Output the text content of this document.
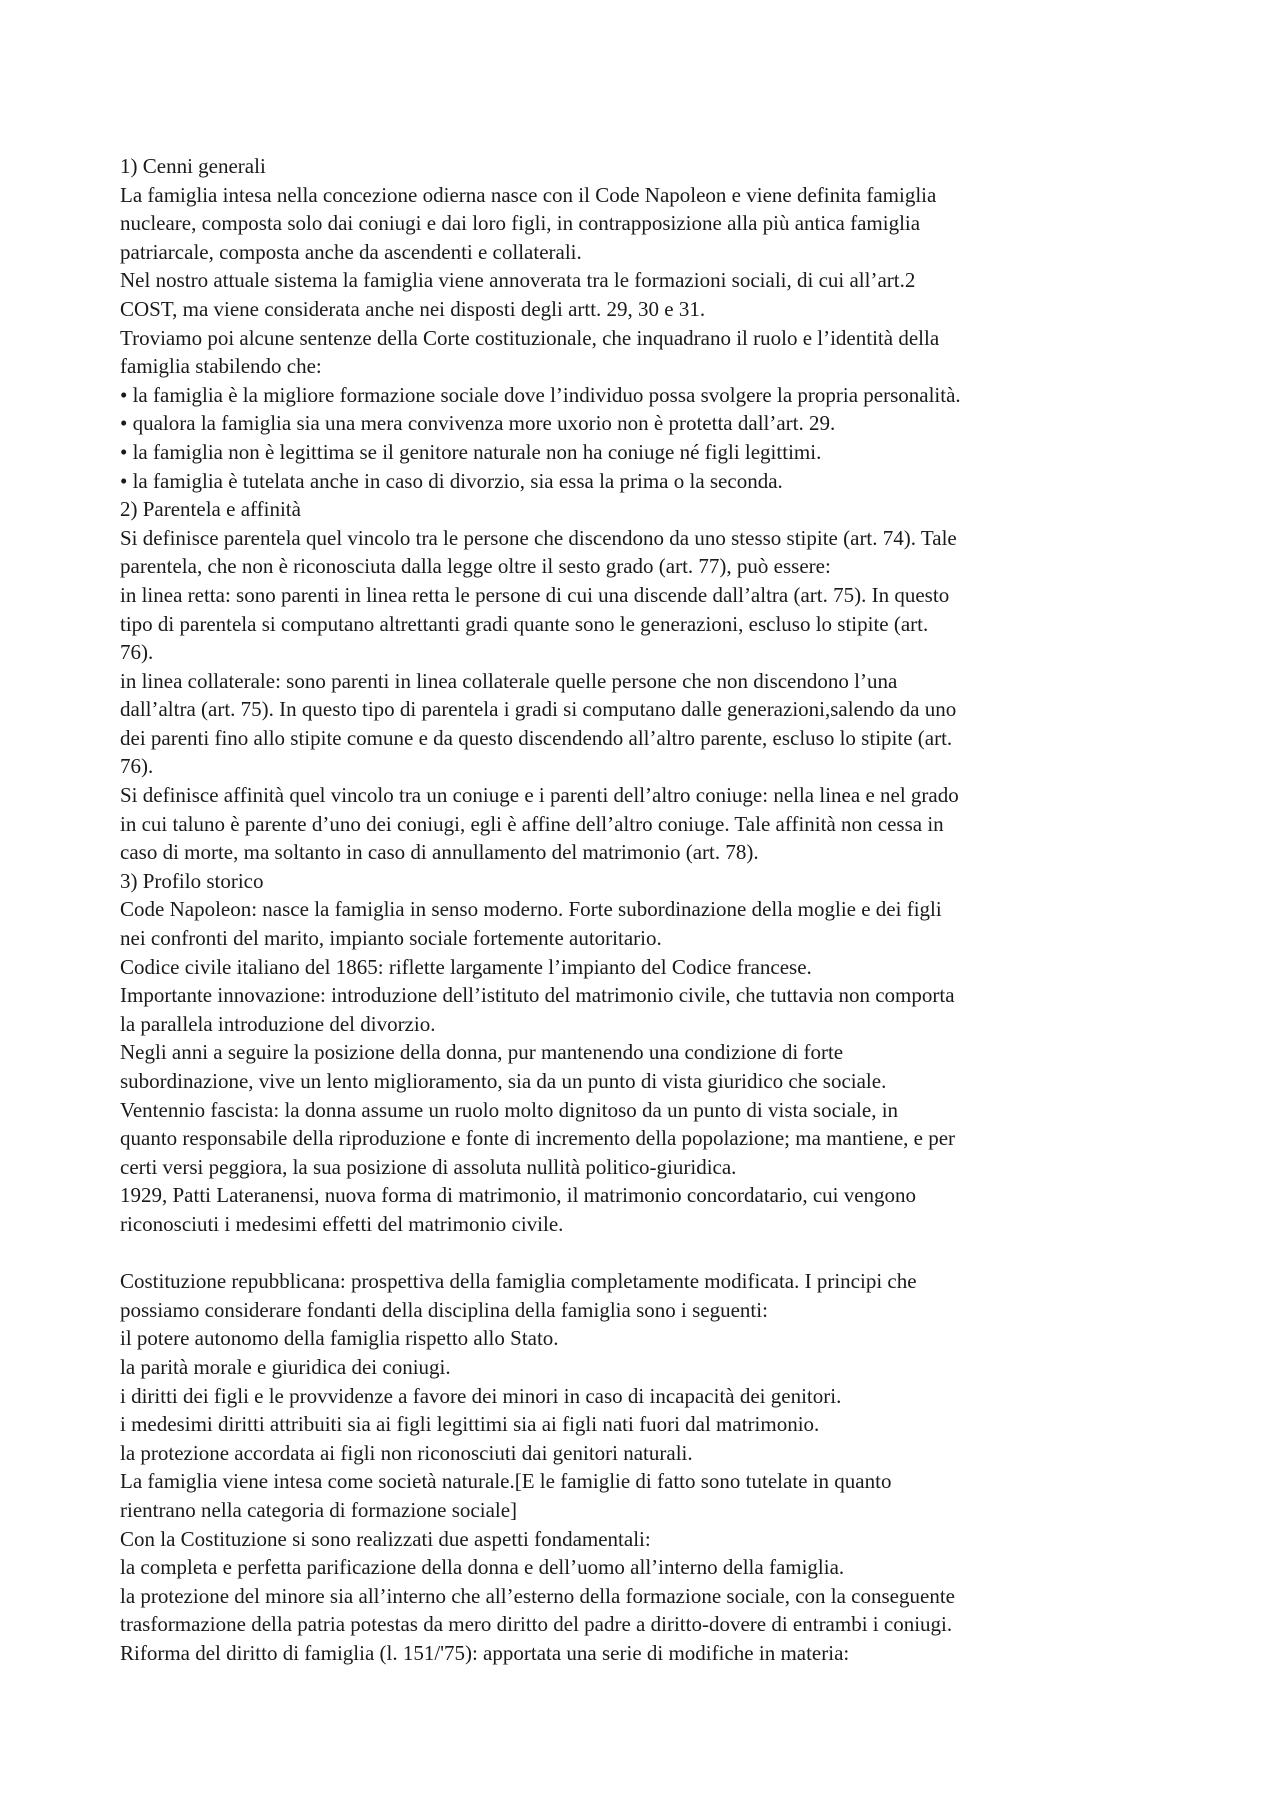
1) Cenni generali

La famiglia intesa nella concezione odierna nasce con il Code Napoleon e viene definita famiglia

nucleare, composta solo dai coniugi e dai loro figli, in contrapposizione alla più antica famiglia

patriarcale, composta anche da ascendenti e collaterali.

Nel nostro attuale sistema la famiglia viene annoverata tra le formazioni sociali, di cui all’art.2

COST, ma viene considerata anche nei disposti degli artt. 29, 30 e 31.

Troviamo poi alcune sentenze della Corte costituzionale, che inquadrano il ruolo e l’identità della

famiglia stabilendo che:

• la famiglia è la migliore formazione sociale dove l’individuo possa svolgere la propria personalità.

• qualora la famiglia sia una mera convivenza more uxorio non è protetta dall’art. 29.

• la famiglia non è legittima se il genitore naturale non ha coniuge né figli legittimi.

• la famiglia è tutelata anche in caso di divorzio, sia essa la prima o la seconda.

2) Parentela e affinità

Si definisce parentela quel vincolo tra le persone che discendono da uno stesso stipite (art. 74). Tale

parentela, che non è riconosciuta dalla legge oltre il sesto grado (art. 77), può essere:

in linea retta: sono parenti in linea retta le persone di cui una discende dall’altra (art. 75). In questo

tipo di parentela si computano altrettanti gradi quante sono le generazioni, escluso lo stipite (art.

76).

in linea collaterale: sono parenti in linea collaterale quelle persone che non discendono l’una

dall’altra (art. 75). In questo tipo di parentela i gradi si computano dalle generazioni,salendo da uno

dei parenti fino allo stipite comune e da questo discendendo all’altro parente, escluso lo stipite (art.

76).

Si definisce affinità quel vincolo tra un coniuge e i parenti dell’altro coniuge: nella linea e nel grado

in cui taluno è parente d’uno dei coniugi, egli è affine dell’altro coniuge. Tale affinità non cessa in

caso di morte, ma soltanto in caso di annullamento del matrimonio (art. 78).

3) Profilo storico

Code Napoleon: nasce la famiglia in senso moderno. Forte subordinazione della moglie e dei figli

nei confronti del marito, impianto sociale fortemente autoritario.

Codice civile italiano del 1865: riflette largamente l’impianto del Codice francese.

Importante innovazione: introduzione dell’istituto del matrimonio civile, che tuttavia non comporta

la parallela introduzione del divorzio.

Negli anni a seguire la posizione della donna, pur mantenendo una condizione di forte

subordinazione, vive un lento miglioramento, sia da un punto di vista giuridico che sociale.

Ventennio fascista: la donna assume un ruolo molto dignitoso da un punto di vista sociale, in

quanto responsabile della riproduzione e fonte di incremento della popolazione; ma mantiene, e per

certi versi peggiora, la sua posizione di assoluta nullità politico-giuridica.

1929, Patti Lateranensi, nuova forma di matrimonio, il matrimonio concordatario, cui vengono

riconosciuti i medesimi effetti del matrimonio civile.

Costituzione repubblicana: prospettiva della famiglia completamente modificata. I principi che

possiamo considerare fondanti della disciplina della famiglia sono i seguenti:

il potere autonomo della famiglia rispetto allo Stato.

la parità morale e giuridica dei coniugi.

i diritti dei figli e le provvidenze a favore dei minori in caso di incapacità dei genitori.

i medesimi diritti attribuiti sia ai figli legittimi sia ai figli nati fuori dal matrimonio.

la protezione accordata ai figli non riconosciuti dai genitori naturali.

La famiglia viene intesa come società naturale.[E le famiglie di fatto sono tutelate in quanto

rientrano nella categoria di formazione sociale]

Con la Costituzione si sono realizzati due aspetti fondamentali:

la completa e perfetta parificazione della donna e dell’uomo all’interno della famiglia.

la protezione del minore sia all’interno che all’esterno della formazione sociale, con la conseguente

trasformazione della patria potestas da mero diritto del padre a diritto-dovere di entrambi i coniugi.

Riforma del diritto di famiglia (l. 151/'75): apportata una serie di modifiche in materia:
